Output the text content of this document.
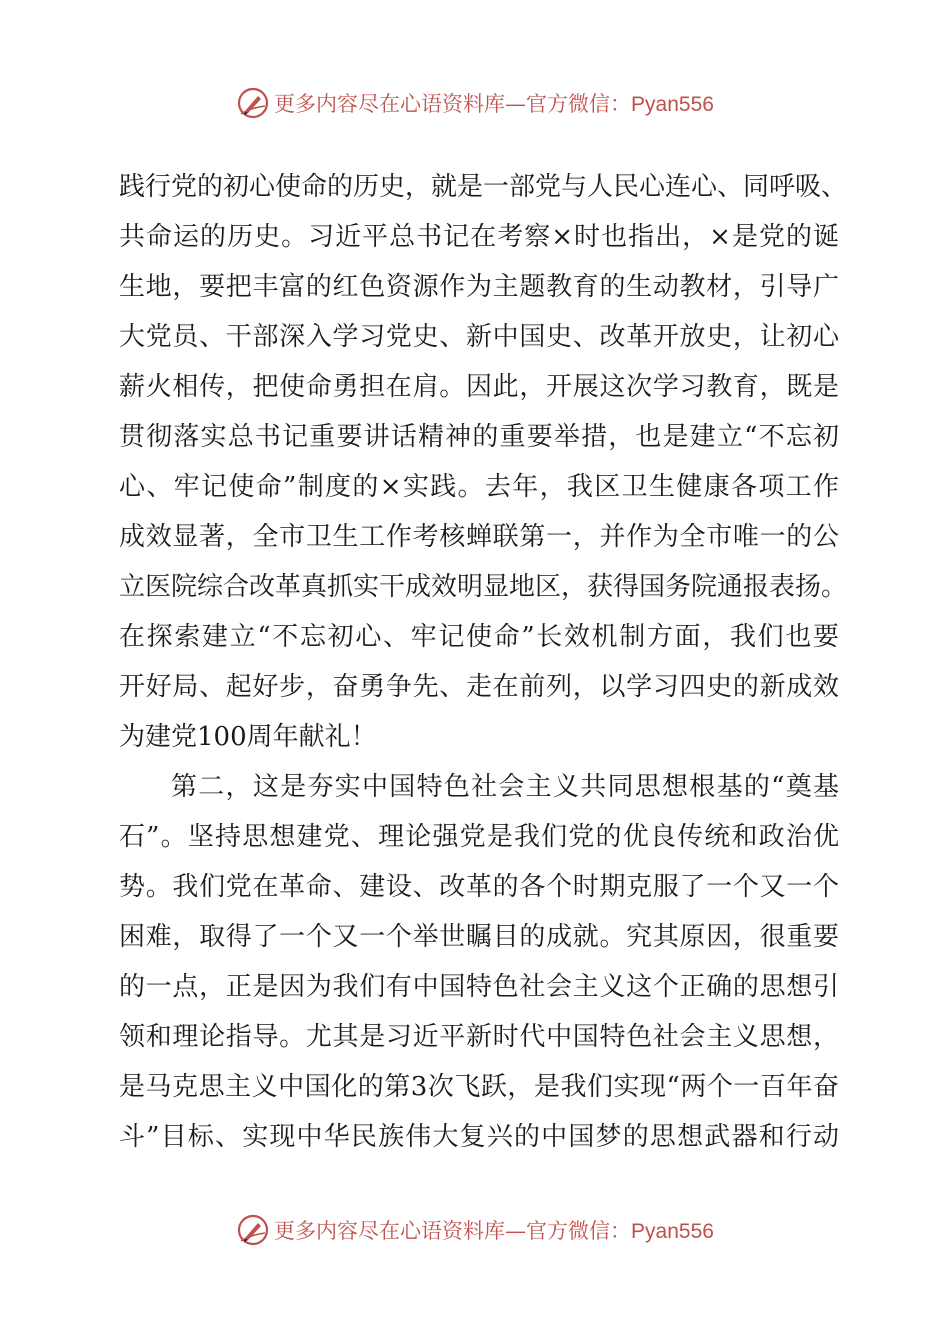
更多内容尽在心语资料库—官方微信：Pyan556
践行党的初心使命的历史，就是一部党与人民心连心、同呼吸、
共命运的历史。习近平总书记在考察×时也指出，×是党的诞
生地，要把丰富的红色资源作为主题教育的生动教材，引导广
大党员、干部深入学习党史、新中国史、改革开放史，让初心
薪火相传，把使命勇担在肩。因此，开展这次学习教育，既是
贯彻落实总书记重要讲话精神的重要举措，也是建立“不忘初
心、牢记使命”制度的×实践。去年，我区卫生健康各项工作
成效显著，全市卫生工作考核蝉联第一，并作为全市唯一的公
立医院综合改革真抓实干成效明显地区，获得国务院通报表扬。
在探索建立“不忘初心、牢记使命”长效机制方面，我们也要
开好局、起好步，奋勇争先、走在前列，以学习四史的新成效
为建党100周年献礼！
第二，这是夯实中国特色社会主义共同思想根基的“奠基
石”。坚持思想建党、理论强党是我们党的优良传统和政治优
势。我们党在革命、建设、改革的各个时期克服了一个又一个
困难，取得了一个又一个举世瞩目的成就。究其原因，很重要
的一点，正是因为我们有中国特色社会主义这个正确的思想引
领和理论指导。尤其是习近平新时代中国特色社会主义思想，
是马克思主义中国化的第3次飞跃，是我们实现“两个一百年奋
斗”目标、实现中华民族伟大复兴的中国梦的思想武器和行动
更多内容尽在心语资料库—官方微信：Pyan556
